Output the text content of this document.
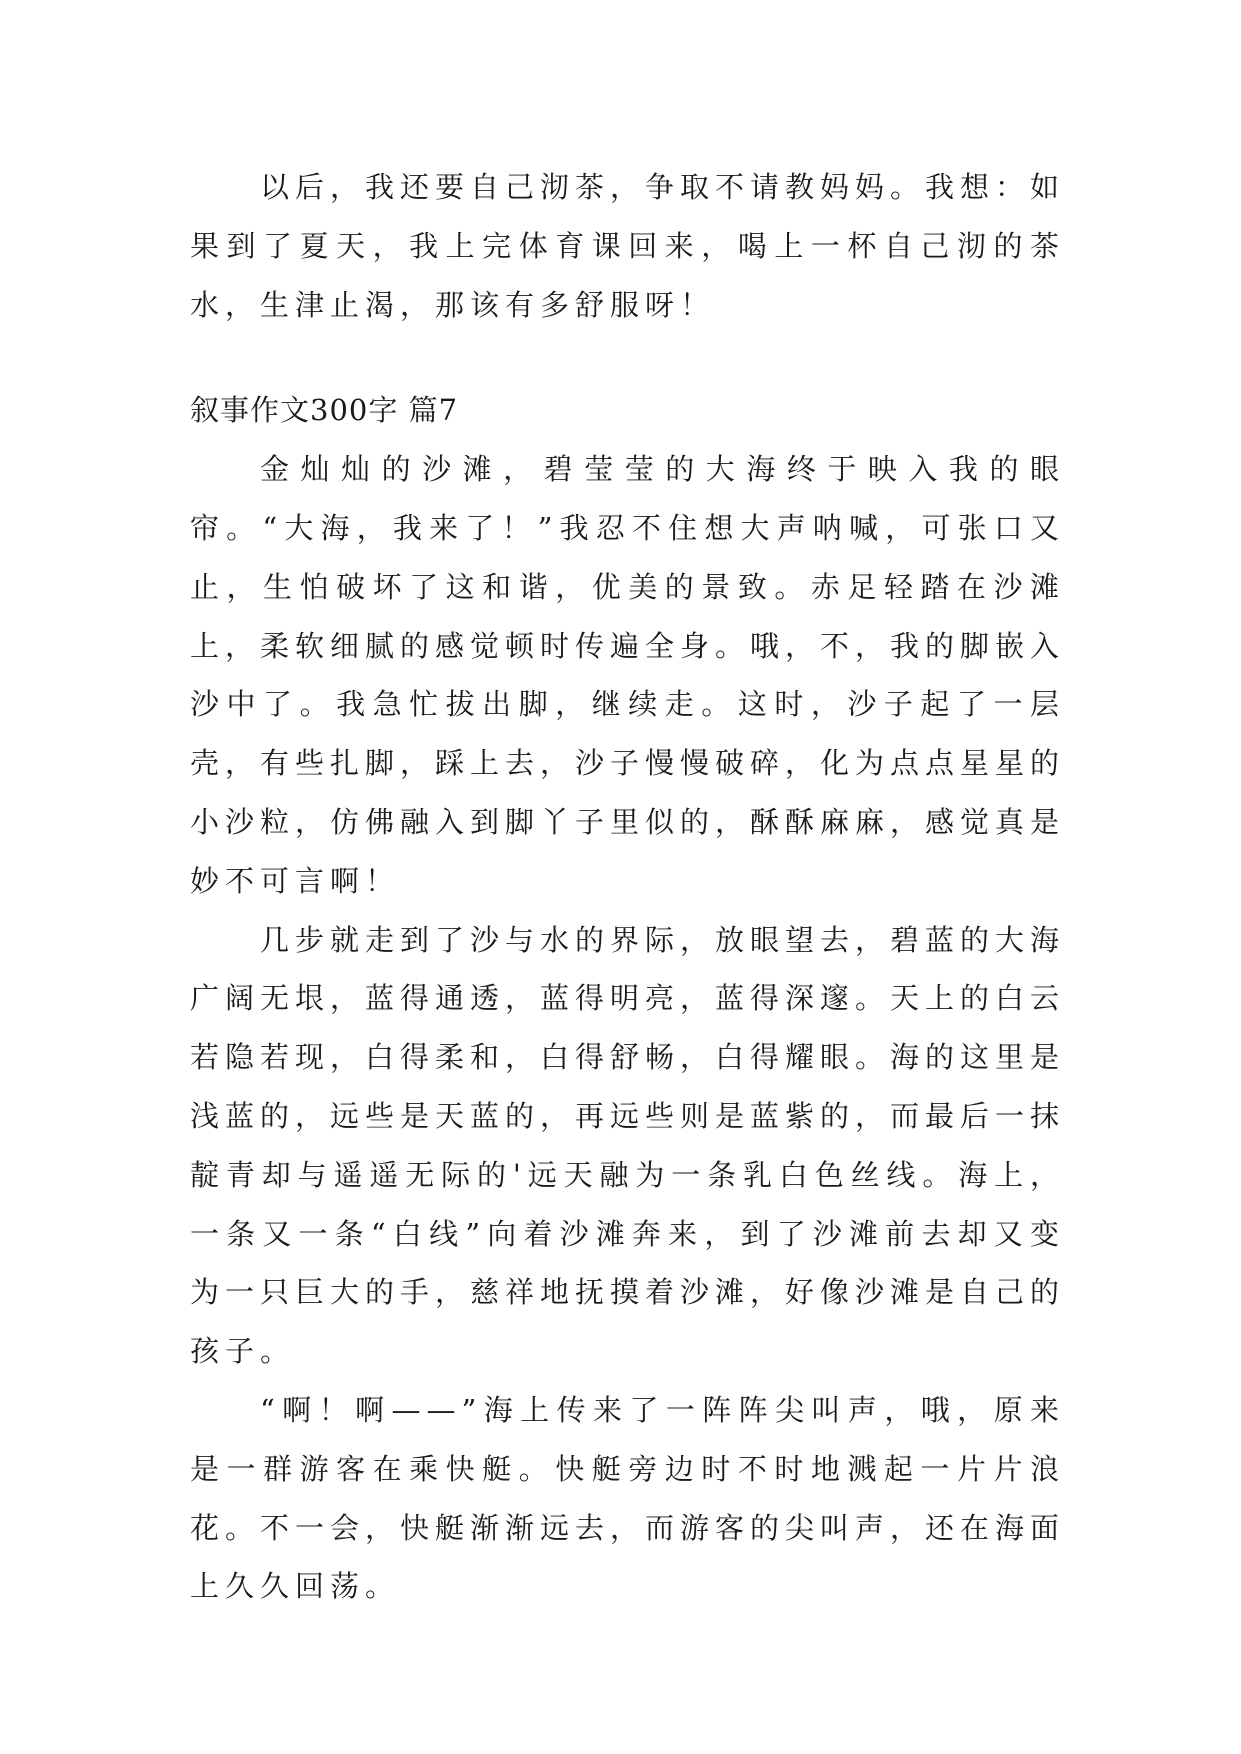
以后，我还要自己沏茶，争取不请教妈妈。我想：如果到了夏天，我上完体育课回来，喝上一杯自己沏的茶水，生津止渴，那该有多舒服呀！

叙事作文300字 篇7

金灿灿的沙滩，碧莹莹的大海终于映入我的眼帘。“大海，我来了！”我忍不住想大声呐喊，可张口又止，生怕破坏了这和谐，优美的景致。赤足轻踏在沙滩上，柔软细腻的感觉顿时传遍全身。哦，不，我的脚嵌入沙中了。我急忙拔出脚，继续走。这时，沙子起了一层壳，有些扎脚，踩上去，沙子慢慢破碎，化为点点星星的小沙粒，仿佛融入到脚丫子里似的，酥酥麻麻，感觉真是妙不可言啊！

几步就走到了沙与水的界际，放眼望去，碧蓝的大海广阔无垠，蓝得通透，蓝得明亮，蓝得深邃。天上的白云若隐若现，白得柔和，白得舒畅，白得耀眼。海的这里是浅蓝的，远些是天蓝的，再远些则是蓝紫的，而最后一抹靛青却与遥遥无际的'远天融为一条乳白色丝线。海上，一条又一条“白线”向着沙滩奔来，到了沙滩前去却又变为一只巨大的手，慈祥地抚摸着沙滩，好像沙滩是自己的孩子。

“啊！啊——”海上传来了一阵阵尖叫声，哦，原来是一群游客在乘快艇。快艇旁边时不时地溅起一片片浪花。不一会，快艇渐渐远去，而游客的尖叫声，还在海面上久久回荡。
